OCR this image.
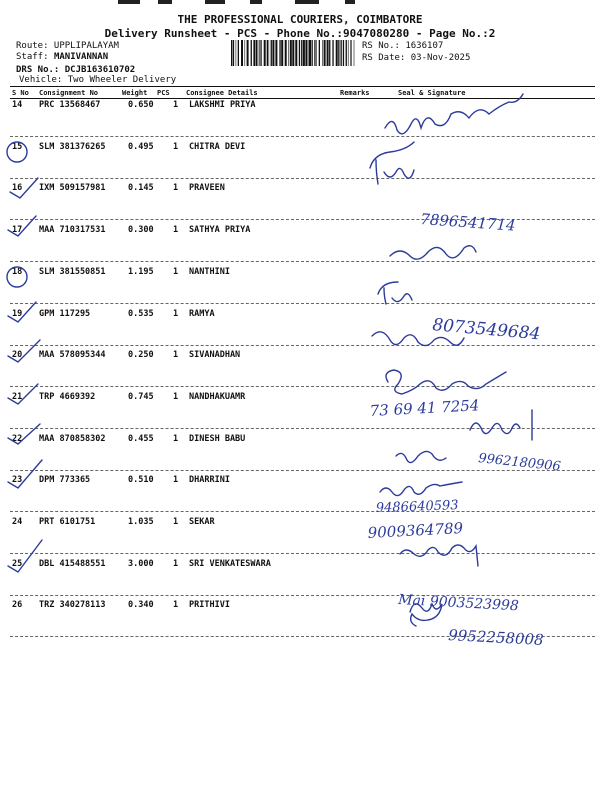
THE PROFESSIONAL COURIERS, COIMBATORE
Delivery Runsheet - PCS - Phone No.:9047080280 - Page No.:2
Route: UPPLIPALAYAM
Staff: MANIVANNAN
DRS No.: DCJB163610702
Vehicle: Two Wheeler Delivery
RS No.: 1636107
RS Date: 03-Nov-2025
S No Consignment No	Weight PCS Consignee Details	Remarks	Seal & Signature
14 PRC 13568467	0.650 1 LAKSHMI PRIYA
15 SLM 381376265	0.495 1 CHITRA DEVI
16 IXM 509157981	0.145 1 PRAVEEN
17 MAA 710317531	0.300 1 SATHYA PRIYA
18 SLM 381550851	1.195 1 NANTHINI
19 GPM 117295	0.535 1 RAMYA
20 MAA 578095344	0.250 1 SIVANADHAN
21 TRP 4669392	0.745 1 NANDHAKUAMR
22 MAA 870858302	0.455 1 DINESH BABU
23 DPM 773365	0.510 1 DHARRINI
24 PRT 6101751	1.035 1 SEKAR
25 DBL 415488551	3.000 1 SRI VENKATESWARA
26 TRZ 340278113	0.340 1 PRITHIVI
7896541714
8073549684
73 69 41 7254
9962180906
9486640593
9009364789
Mai 9003523998
9952258008
